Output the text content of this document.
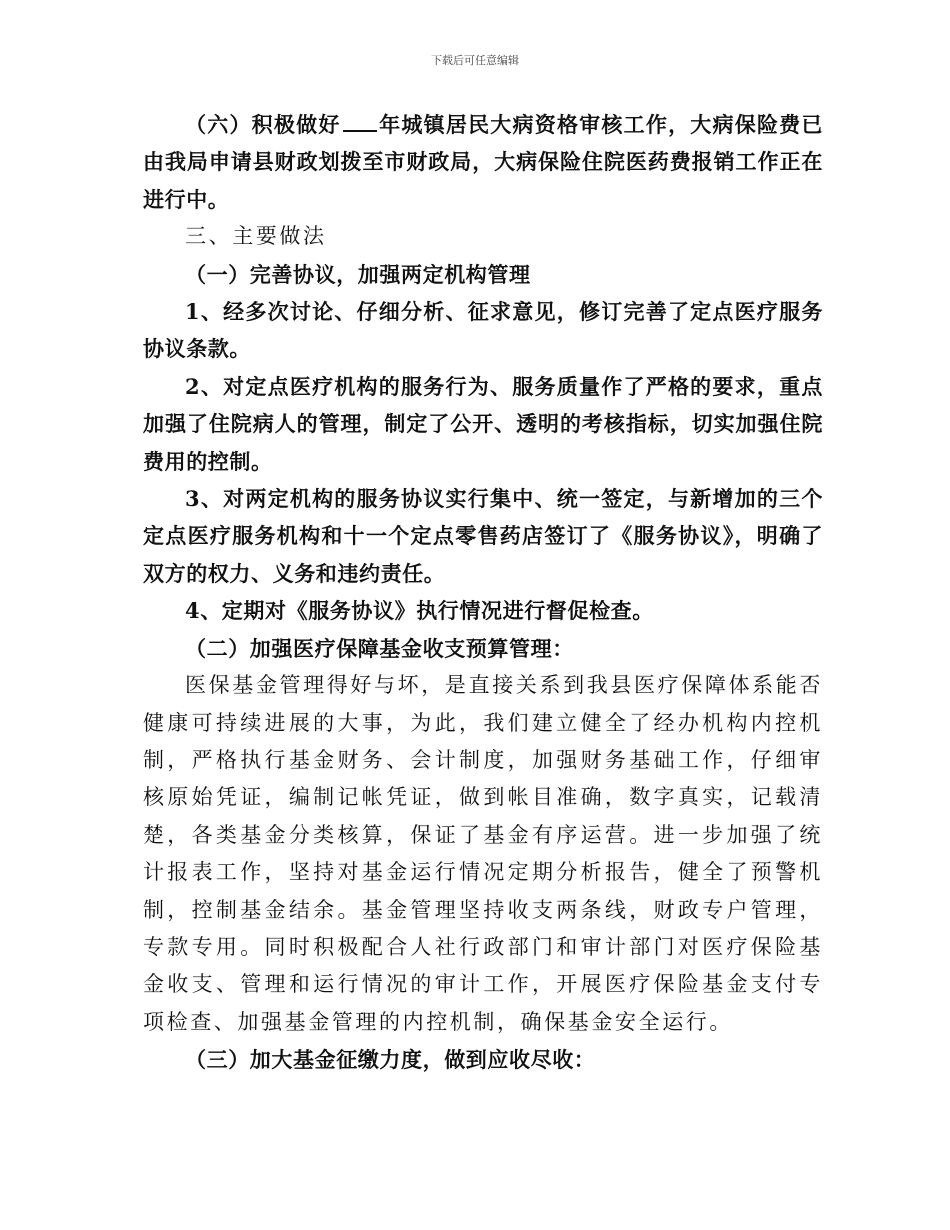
下载后可任意编辑

（六）积极做好 年城镇居民大病资格审核工作，大病保险费已由我局申请县财政划拨至市财政局，大病保险住院医药费报销工作正在进行中。

三、主要做法

（一）完善协议，加强两定机构管理

1、经多次讨论、仔细分析、征求意见，修订完善了定点医疗服务协议条款。

2、对定点医疗机构的服务行为、服务质量作了严格的要求，重点加强了住院病人的管理，制定了公开、透明的考核指标，切实加强住院费用的控制。

3、对两定机构的服务协议实行集中、统一签定，与新增加的三个定点医疗服务机构和十一个定点零售药店签订了《服务协议》，明确了双方的权力、义务和违约责任。

4、定期对《服务协议》执行情况进行督促检查。

（二）加强医疗保障基金收支预算管理：

医保基金管理得好与坏，是直接关系到我县医疗保障体系能否健康可持续进展的大事，为此，我们建立健全了经办机构内控机制，严格执行基金财务、会计制度，加强财务基础工作，仔细审核原始凭证，编制记帐凭证，做到帐目准确，数字真实，记载清楚，各类基金分类核算，保证了基金有序运营。进一步加强了统计报表工作，坚持对基金运行情况定期分析报告，健全了预警机制，控制基金结余。基金管理坚持收支两条线，财政专户管理，专款专用。同时积极配合人社行政部门和审计部门对医疗保险基金收支、管理和运行情况的审计工作，开展医疗保险基金支付专项检查、加强基金管理的内控机制，确保基金安全运行。

（三）加大基金征缴力度，做到应收尽收：
